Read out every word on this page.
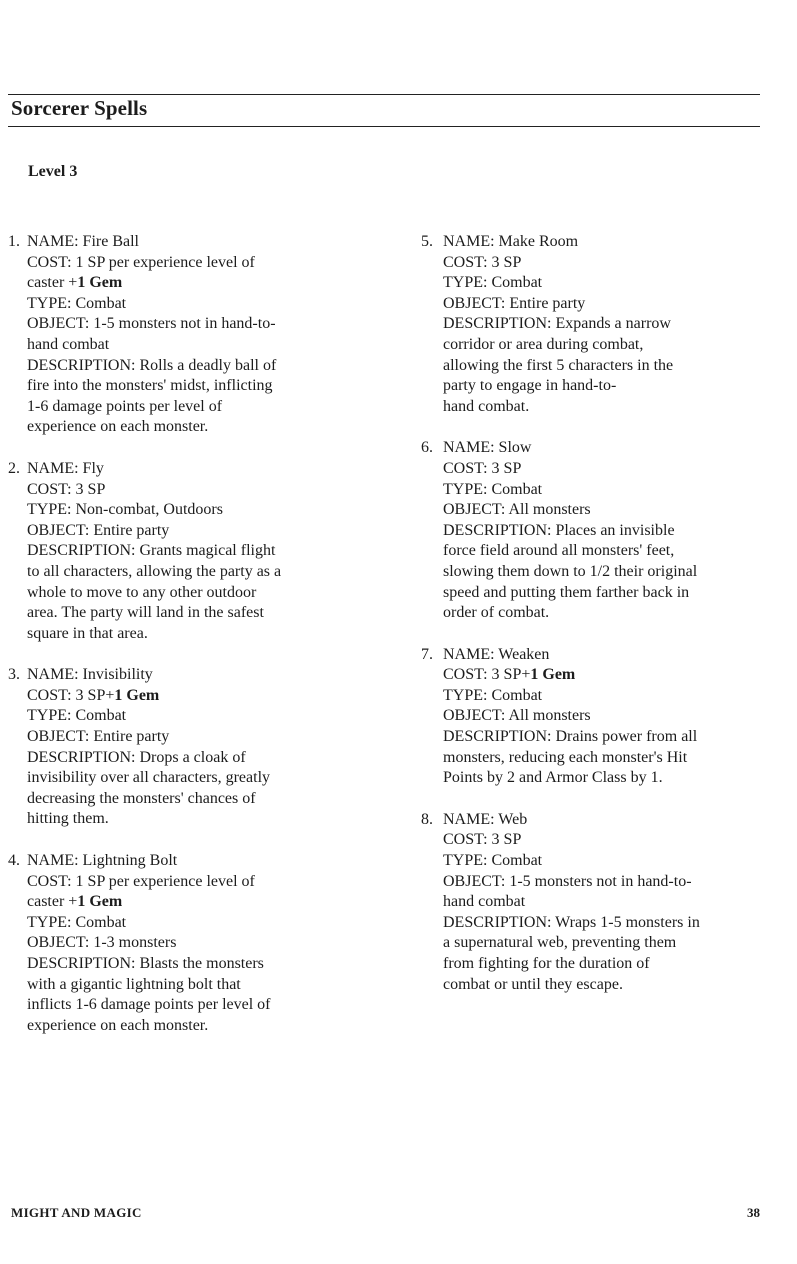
Sorcerer Spells
Level 3
1. NAME: Fire Ball
COST: 1 SP per experience level of
caster +1 Gem
TYPE: Combat
OBJECT: 1-5 monsters not in hand-to-
hand combat
DESCRIPTION: Rolls a deadly ball of
fire into the monsters' midst, inflicting
1-6 damage points per level of
experience on each monster.
2. NAME: Fly
COST: 3 SP
TYPE: Non-combat, Outdoors
OBJECT: Entire party
DESCRIPTION: Grants magical flight
to all characters, allowing the party as a
whole to move to any other outdoor
area. The party will land in the safest
square in that area.
3. NAME: Invisibility
COST: 3 SP+1 Gem
TYPE: Combat
OBJECT: Entire party
DESCRIPTION: Drops a cloak of
invisibility over all characters, greatly
decreasing the monsters' chances of
hitting them.
4. NAME: Lightning Bolt
COST: 1 SP per experience level of
caster +1 Gem
TYPE: Combat
OBJECT: 1-3 monsters
DESCRIPTION: Blasts the monsters
with a gigantic lightning bolt that
inflicts 1-6 damage points per level of
experience on each monster.
5. NAME: Make Room
COST: 3 SP
TYPE: Combat
OBJECT: Entire party
DESCRIPTION: Expands a narrow
corridor or area during combat,
allowing the first 5 characters in the
party to engage in hand-to-
hand combat.
6. NAME: Slow
COST: 3 SP
TYPE: Combat
OBJECT: All monsters
DESCRIPTION: Places an invisible
force field around all monsters' feet,
slowing them down to 1/2 their original
speed and putting them farther back in
order of combat.
7. NAME: Weaken
COST: 3 SP+1 Gem
TYPE: Combat
OBJECT: All monsters
DESCRIPTION: Drains power from all
monsters, reducing each monster's Hit
Points by 2 and Armor Class by 1.
8. NAME: Web
COST: 3 SP
TYPE: Combat
OBJECT: 1-5 monsters not in hand-to-
hand combat
DESCRIPTION: Wraps 1-5 monsters in
a supernatural web, preventing them
from fighting for the duration of
combat or until they escape.
MIGHT AND MAGIC	38
